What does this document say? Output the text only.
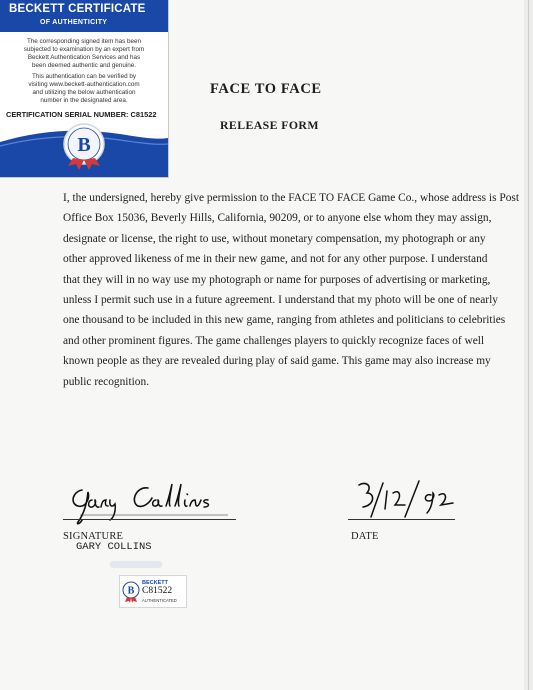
BECKETT CERTIFICATE
OF AUTHENTICITY
The corresponding signed item has been
subjected to examination by an expert from
Beckett Authentication Services and has
been deemed authentic and genuine.
This authentication can be verified by
visiting www.beckett-authentication.com
and utilizing the below authentication
number in the designated area.
CERTIFICATION SERIAL NUMBER: C81522
B
FACE TO FACE
RELEASE FORM
I, the undersigned, hereby give permission to the FACE TO FACE Game Co., whose address is Post
Office Box 15036, Beverly Hills, California, 90209, or to anyone else whom they may assign,
designate or license, the right to use, without monetary compensation, my photograph or any
other approved likeness of me in their new game, and not for any other purpose. I understand
that they will in no way use my photograph or name for purposes of advertising or marketing,
unless I permit such use in a future agreement. I understand that my photo will be one of nearly
one thousand to be included in this new game, ranging from athletes and politicians to celebrities
and other prominent figures. The game challenges players to quickly recognize faces of well
known people as they are revealed during play of said game. This game may also increase my
public recognition.
SIGNATURE
GARY COLLINS
DATE
B
BECKETT
C81522
AUTHENTICATED
